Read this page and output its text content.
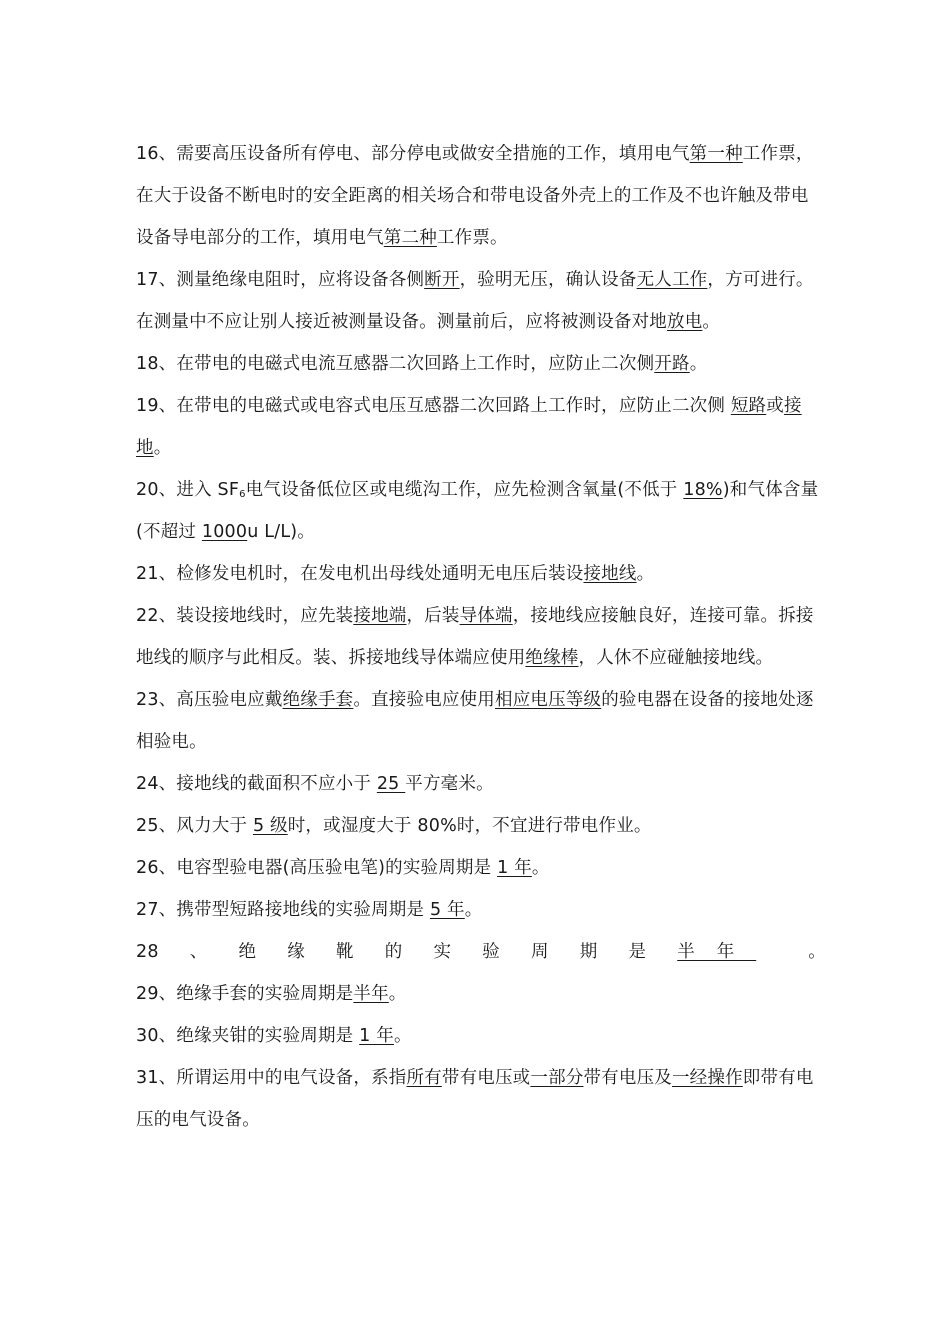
16、需要高压设备所有停电、部分停电或做安全措施的工作，填用电气第一种工作票，在大于设备不断电时的安全距离的相关场合和带电设备外壳上的工作及不也许触及带电设备导电部分的工作，填用电气第二种工作票。

17、测量绝缘电阻时，应将设备各侧断开，验明无压，确认设备无人工作，方可进行。在测量中不应让别人接近被测量设备。测量前后，应将被测设备对地放电。

18、在带电的电磁式电流互感器二次回路上工作时，应防止二次侧开路。

19、在带电的电磁式或电容式电压互感器二次回路上工作时，应防止二次侧 短路或接地。

20、进入 $SF_6$电气设备低位区或电缆沟工作，应先检测含氧量(不低于 18%)和气体含量(不超过 1000u L/L)。

21、检修发电机时，在发电机出母线处通明无电压后装设接地线。

22、装设接地线时，应先装接地端，后装导体端，接地线应接触良好，连接可靠。拆接地线的顺序与此相反。装、拆接地线导体端应使用绝缘棒，人休不应碰触接地线。

23、高压验电应戴绝缘手套。直接验电应使用相应电压等级的验电器在设备的接地处逐相验电。

24、接地线的截面积不应小于 25 平方毫米。

25、风力大于 5 级时，或湿度大于 80%时，不宜进行带电作业。

26、电容型验电器(高压验电笔)的实验周期是 1 年。

27、携带型短路接地线的实验周期是 5 年。

28 、 绝 缘 靴 的 实 验 周 期 是 半年	。

29、绝缘手套的实验周期是半年。

30、绝缘夹钳的实验周期是 1 年。

31、所谓运用中的电气设备，系指所有带有电压或一部分带有电压及一经操作即带有电压的电气设备。
